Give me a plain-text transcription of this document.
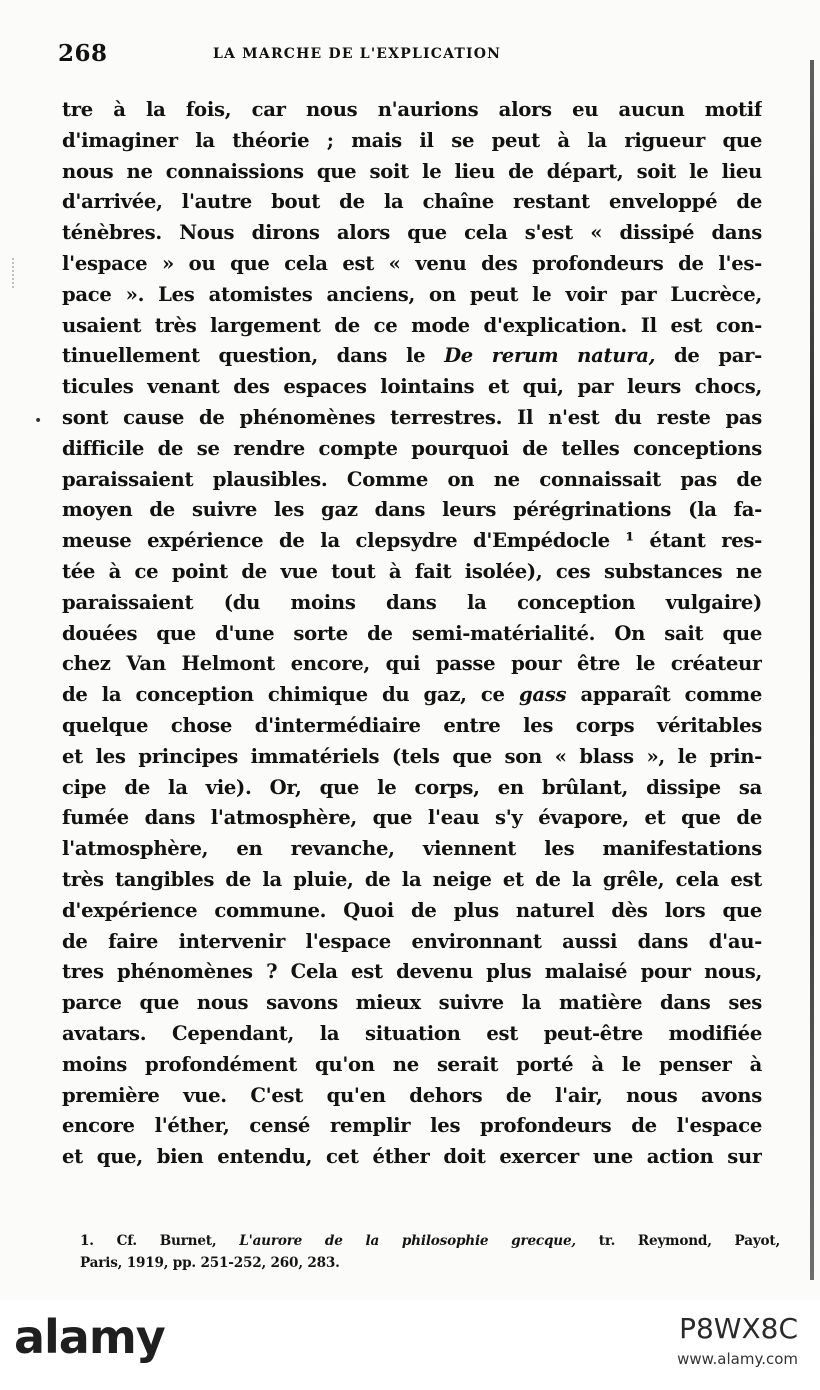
268	LA MARCHE DE L'EXPLICATION
•
tre à la fois, car nous n'aurions alors eu aucun motif
d'imaginer la théorie ; mais il se peut à la rigueur que
nous ne connaissions que soit le lieu de départ, soit le lieu
d'arrivée, l'autre bout de la chaîne restant enveloppé de
ténèbres. Nous dirons alors que cela s'est « dissipé dans
l'espace » ou que cela est « venu des profondeurs de l'es-
pace ». Les atomistes anciens, on peut le voir par Lucrèce,
usaient très largement de ce mode d'explication. Il est con-
tinuellement question, dans le De rerum natura, de par-
ticules venant des espaces lointains et qui, par leurs chocs,
sont cause de phénomènes terrestres. Il n'est du reste pas
difficile de se rendre compte pourquoi de telles conceptions
paraissaient plausibles. Comme on ne connaissait pas de
moyen de suivre les gaz dans leurs pérégrinations (la fa-
meuse expérience de la clepsydre d'Empédocle ¹ étant res-
tée à ce point de vue tout à fait isolée), ces substances ne
paraissaient (du moins dans la conception vulgaire)
douées que d'une sorte de semi-matérialité. On sait que
chez Van Helmont encore, qui passe pour être le créateur
de la conception chimique du gaz, ce gass apparaît comme
quelque chose d'intermédiaire entre les corps véritables
et les principes immatériels (tels que son « blass », le prin-
cipe de la vie). Or, que le corps, en brûlant, dissipe sa
fumée dans l'atmosphère, que l'eau s'y évapore, et que de
l'atmosphère, en revanche, viennent les manifestations
très tangibles de la pluie, de la neige et de la grêle, cela est
d'expérience commune. Quoi de plus naturel dès lors que
de faire intervenir l'espace environnant aussi dans d'au-
tres phénomènes ? Cela est devenu plus malaisé pour nous,
parce que nous savons mieux suivre la matière dans ses
avatars. Cependant, la situation est peut-être modifiée
moins profondément qu'on ne serait porté à le penser à
première vue. C'est qu'en dehors de l'air, nous avons
encore l'éther, censé remplir les profondeurs de l'espace
et que, bien entendu, cet éther doit exercer une action sur
1. Cf. Burnet, L'aurore de la philosophie grecque, tr. Reymond, Payot,
Paris, 1919, pp. 251-252, 260, 283.
alamy	P8WX8C
www.alamy.com
